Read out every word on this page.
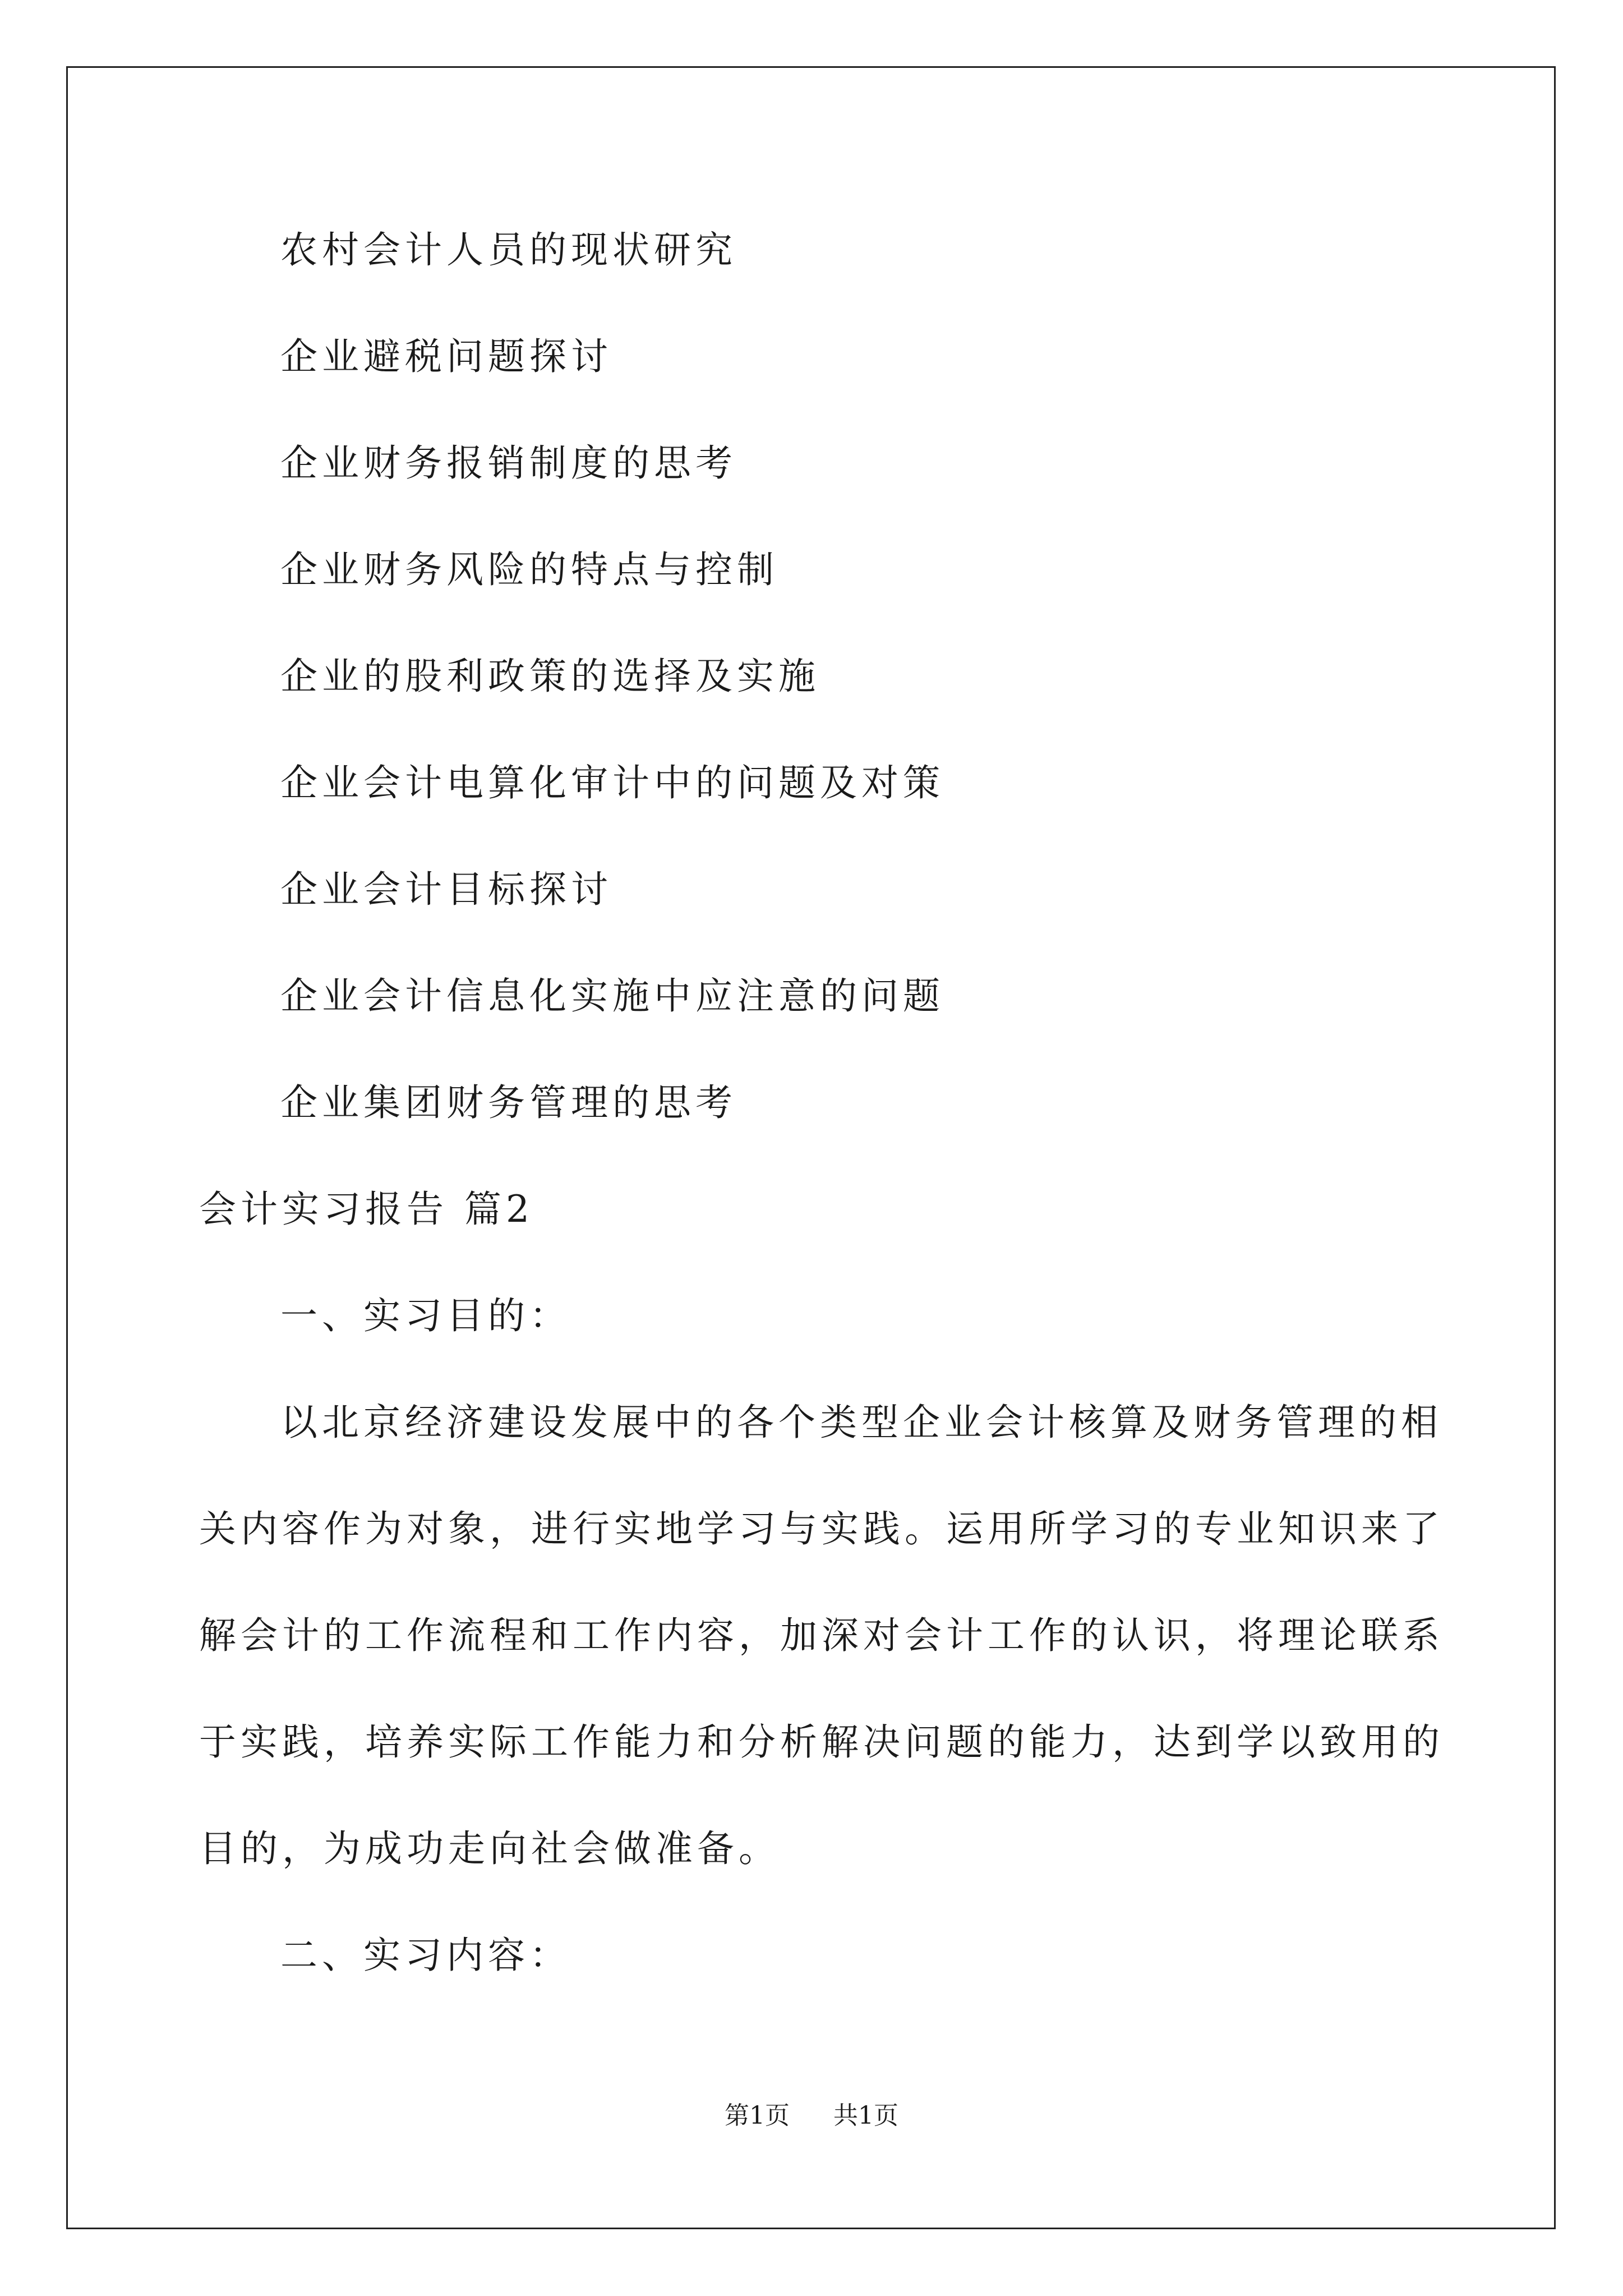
农村会计人员的现状研究
企业避税问题探讨
企业财务报销制度的思考
企业财务风险的特点与控制
企业的股利政策的选择及实施
企业会计电算化审计中的问题及对策
企业会计目标探讨
企业会计信息化实施中应注意的问题
企业集团财务管理的思考
会计实习报告 篇2
一、实习目的：
以北京经济建设发展中的各个类型企业会计核算及财务管理的相
关内容作为对象，进行实地学习与实践。运用所学习的专业知识来了
解会计的工作流程和工作内容，加深对会计工作的认识，将理论联系
于实践，培养实际工作能力和分析解决问题的能力，达到学以致用的
目的，为成功走向社会做准备。
二、实习内容：
第1页 共1页
